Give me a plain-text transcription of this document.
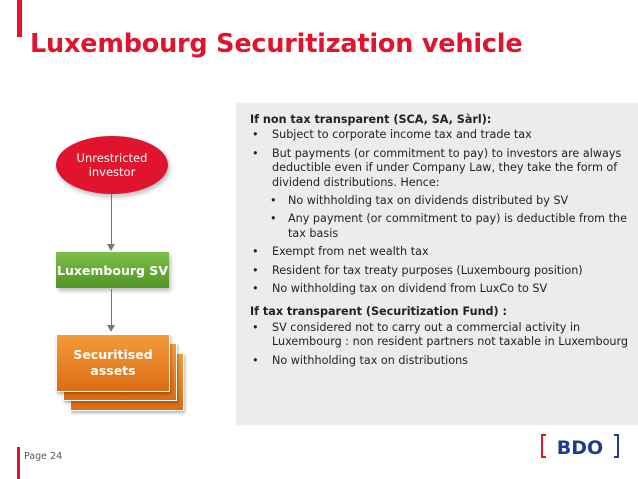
Luxembourg Securitization vehicle
Unrestricted
investor
Luxembourg SV
Securitised
assets
If non tax transparent (SCA, SA, Sàrl):
• Subject to corporate income tax and trade tax
• But payments (or commitment to pay) to investors are always deductible even if under Company Law, they take the form of dividend distributions. Hence:
• No withholding tax on dividends distributed by SV
• Any payment (or commitment to pay) is deductible from the tax basis
• Exempt from net wealth tax
• Resident for tax treaty purposes (Luxembourg position)
• No withholding tax on dividend from LuxCo to SV
If tax transparent (Securitization Fund) :
• SV considered not to carry out a commercial activity in Luxembourg : non resident partners not taxable in Luxembourg
• No withholding tax on distributions
Page 24	BDO
